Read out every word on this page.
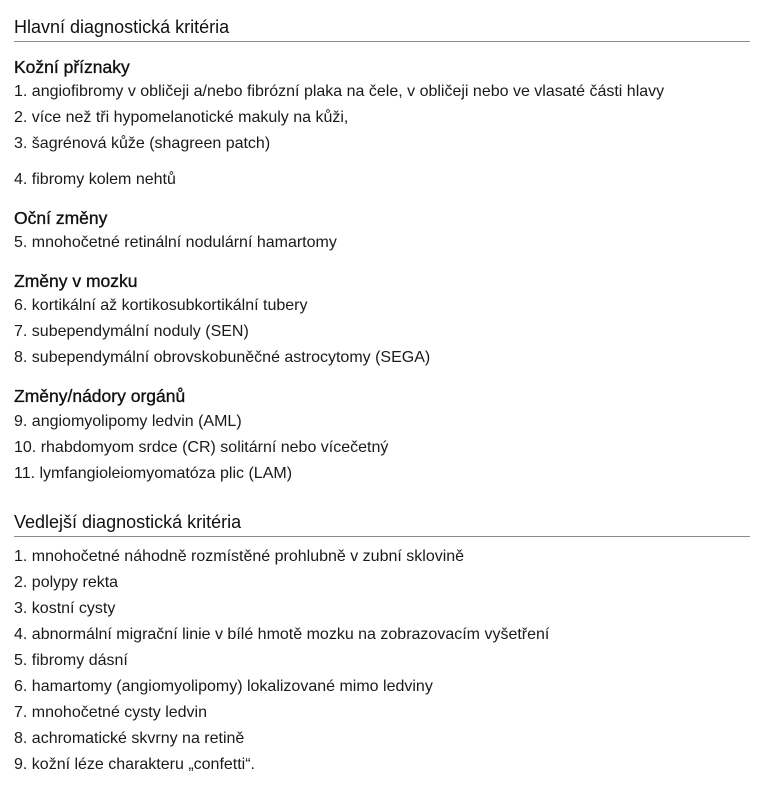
Hlavní diagnostická kritéria
Kožní příznaky
1. angiofibromy v obličeji a/nebo fibrózní plaka na čele, v obličeji nebo ve vlasaté části hlavy
2. více než tři hypomelanotické makuly na kůži,
3. šagrénová kůže (shagreen patch)
4. fibromy kolem nehtů
Oční změny
5. mnohočetné retinální nodulární hamartomy
Změny v mozku
6. kortikální až kortikosubkortikální tubery
7. subependymální noduly (SEN)
8. subependymální obrovskobuněčné astrocytomy (SEGA)
Změny/nádory orgánů
9. angiomyolipomy ledvin (AML)
10. rhabdomyom srdce (CR) solitární nebo vícečetný
11. lymfangioleiomyomatóza plic (LAM)
Vedlejší diagnostická kritéria
1. mnohočetné náhodně rozmístěné prohlubně v zubní sklovině
2. polypy rekta
3. kostní cysty
4. abnormální migrační linie v bílé hmotě mozku na zobrazovacím vyšetření
5. fibromy dásní
6. hamartomy (angiomyolipomy) lokalizované mimo ledviny
7. mnohočetné cysty ledvin
8. achromatické skvrny na retině
9. kožní léze charakteru „confetti“.
